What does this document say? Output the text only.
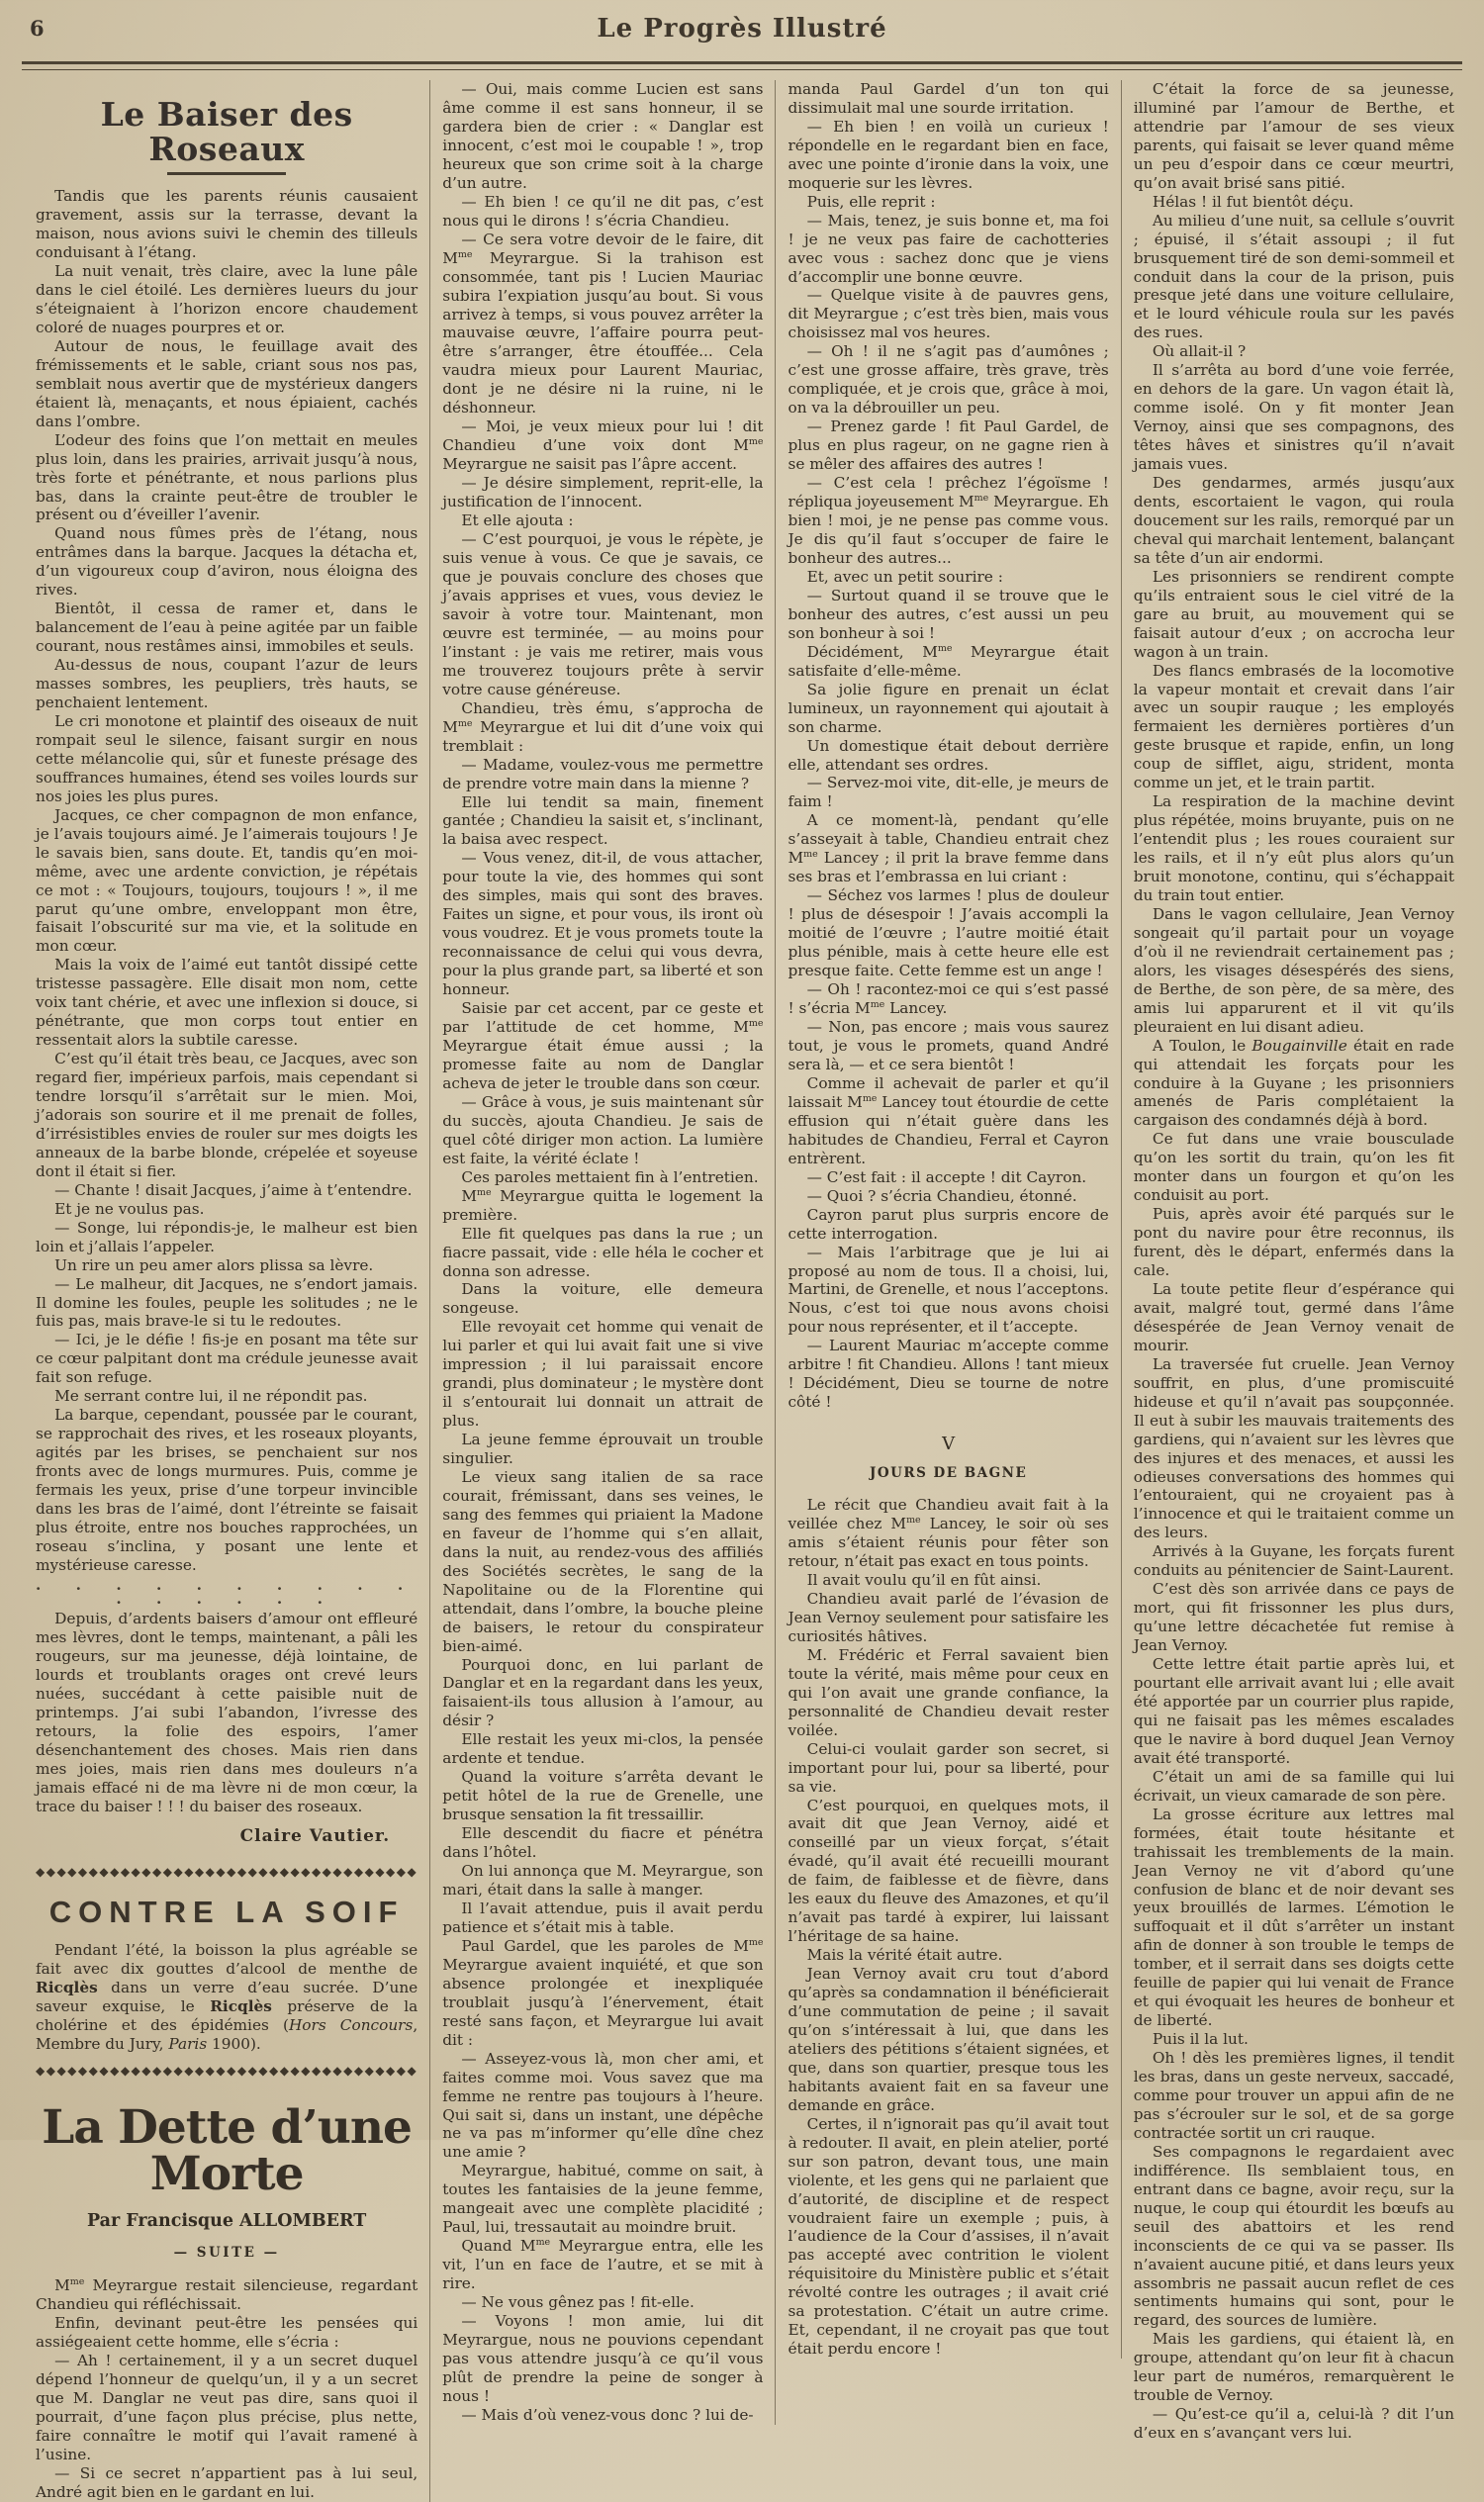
6	Le Progrès Illustré
Le Baiser des Roseaux
Tandis que les parents réunis causaient gravement, assis sur la terrasse, devant la maison, nous avions suivi le chemin des tilleuls conduisant à l’étang.
La nuit venait, très claire, avec la lune pâle dans le ciel étoilé. Les dernières lueurs du jour s’éteignaient à l’horizon encore chaudement coloré de nuages pourpres et or.
Autour de nous, le feuillage avait des frémissements et le sable, criant sous nos pas, semblait nous avertir que de mystérieux dangers étaient là, menaçants, et nous épiaient, cachés dans l’ombre.
L’odeur des foins que l’on mettait en meules plus loin, dans les prairies, arrivait jusqu’à nous, très forte et pénétrante, et nous parlions plus bas, dans la crainte peut-être de troubler le présent ou d’éveiller l’avenir.
Quand nous fûmes près de l’étang, nous entrâmes dans la barque. Jacques la détacha et, d’un vigoureux coup d’aviron, nous éloigna des rives.
Bientôt, il cessa de ramer et, dans le balancement de l’eau à peine agitée par un faible courant, nous restâmes ainsi, immobiles et seuls.
Au-dessus de nous, coupant l’azur de leurs masses sombres, les peupliers, très hauts, se penchaient lentement.
Le cri monotone et plaintif des oiseaux de nuit rompait seul le silence, faisant surgir en nous cette mélancolie qui, sûr et funeste présage des souffrances humaines, étend ses voiles lourds sur nos joies les plus pures.
Jacques, ce cher compagnon de mon enfance, je l’avais toujours aimé. Je l’aimerais toujours ! Je le savais bien, sans doute. Et, tandis qu’en moi-même, avec une ardente conviction, je répétais ce mot : « Toujours, toujours, toujours ! », il me parut qu’une ombre, enveloppant mon être, faisait l’obscurité sur ma vie, et la solitude en mon cœur.
Mais la voix de l’aimé eut tantôt dissipé cette tristesse passagère. Elle disait mon nom, cette voix tant chérie, et avec une inflexion si douce, si pénétrante, que mon corps tout entier en ressentait alors la subtile caresse.
C’est qu’il était très beau, ce Jacques, avec son regard fier, impérieux parfois, mais cependant si tendre lorsqu’il s’arrêtait sur le mien. Moi, j’adorais son sourire et il me prenait de folles, d’irrésistibles envies de rouler sur mes doigts les anneaux de la barbe blonde, crépelée et soyeuse dont il était si fier.
— Chante ! disait Jacques, j’aime à t’entendre.
Et je ne voulus pas.
— Songe, lui répondis-je, le malheur est bien loin et j’allais l’appeler.
Un rire un peu amer alors plissa sa lèvre.
— Le malheur, dit Jacques, ne s’endort jamais. Il domine les foules, peuple les solitudes ; ne le fuis pas, mais brave-le si tu le redoutes.
— Ici, je le défie ! fis-je en posant ma tête sur ce cœur palpitant dont ma crédule jeunesse avait fait son refuge.
Me serrant contre lui, il ne répondit pas.
La barque, cependant, poussée par le courant, se rapprochait des rives, et les roseaux ployants, agités par les brises, se penchaient sur nos fronts avec de longs murmures. Puis, comme je fermais les yeux, prise d’une torpeur invincible dans les bras de l’aimé, dont l’étreinte se faisait plus étroite, entre nos bouches rapprochées, un roseau s’inclina, y posant une lente et mystérieuse caresse.
. . . . . . . . . . . . . . . .
Depuis, d’ardents baisers d’amour ont effleuré mes lèvres, dont le temps, maintenant, a pâli les rougeurs, sur ma jeunesse, déjà lointaine, de lourds et troublants orages ont crevé leurs nuées, succédant à cette paisible nuit de printemps. J’ai subi l’abandon, l’ivresse des retours, la folie des espoirs, l’amer désenchantement des choses. Mais rien dans mes joies, mais rien dans mes douleurs n’a jamais effacé ni de ma lèvre ni de mon cœur, la trace du baiser ! ! ! du baiser des roseaux.
Claire Vautier.
◆◆◆◆◆◆◆◆◆◆◆◆◆◆◆◆◆◆◆◆◆◆◆◆◆◆◆◆◆◆◆◆◆◆◆◆
CONTRE LA SOIF
Pendant l’été, la boisson la plus agréable se fait avec dix gouttes d’alcool de menthe de Ricqlès dans un verre d’eau sucrée. D’une saveur exquise, le Ricqlès préserve de la cholérine et des épidémies (Hors Concours, Membre du Jury, Paris 1900).
◆◆◆◆◆◆◆◆◆◆◆◆◆◆◆◆◆◆◆◆◆◆◆◆◆◆◆◆◆◆◆◆◆◆◆◆
La Dette d’une Morte
Par Francisque ALLOMBERT
— SUITE —
$M^{me}$ Meyrargue restait silencieuse, regardant Chandieu qui réfléchissait.
Enfin, devinant peut-être les pensées qui assiégeaient cette homme, elle s’écria :
— Ah ! certainement, il y a un secret duquel dépend l’honneur de quelqu’un, il y a un secret que M. Danglar ne veut pas dire, sans quoi il pourrait, d’une façon plus précise, plus nette, faire connaître le motif qui l’avait ramené à l’usine.
— Si ce secret n’appartient pas à lui seul, André agit bien en le gardant en lui.
— Oui, mais comme Lucien est sans âme comme il est sans honneur, il se gardera bien de crier : « Danglar est innocent, c’est moi le coupable ! », trop heureux que son crime soit à la charge d’un autre.
— Eh bien ! ce qu’il ne dit pas, c’est nous qui le dirons ! s’écria Chandieu.
— Ce sera votre devoir de le faire, dit $M^{me}$ Meyrargue. Si la trahison est consommée, tant pis ! Lucien Mauriac subira l’expiation jusqu’au bout. Si vous arrivez à temps, si vous pouvez arrêter la mauvaise œuvre, l’affaire pourra peut-être s’arranger, être étouffée... Cela vaudra mieux pour Laurent Mauriac, dont je ne désire ni la ruine, ni le déshonneur.
— Moi, je veux mieux pour lui ! dit Chandieu d’une voix dont $M^{me}$ Meyrargue ne saisit pas l’âpre accent.
— Je désire simplement, reprit-elle, la justification de l’innocent.
Et elle ajouta :
— C’est pourquoi, je vous le répète, je suis venue à vous. Ce que je savais, ce que je pouvais conclure des choses que j’avais apprises et vues, vous deviez le savoir à votre tour. Maintenant, mon œuvre est terminée, — au moins pour l’instant : je vais me retirer, mais vous me trouverez toujours prête à servir votre cause généreuse.
Chandieu, très ému, s’approcha de $M^{me}$ Meyrargue et lui dit d’une voix qui tremblait :
— Madame, voulez-vous me permettre de prendre votre main dans la mienne ?
Elle lui tendit sa main, finement gantée ; Chandieu la saisit et, s’inclinant, la baisa avec respect.
— Vous venez, dit-il, de vous attacher, pour toute la vie, des hommes qui sont des simples, mais qui sont des braves. Faites un signe, et pour vous, ils iront où vous voudrez. Et je vous promets toute la reconnaissance de celui qui vous devra, pour la plus grande part, sa liberté et son honneur.
Saisie par cet accent, par ce geste et par l’attitude de cet homme, $M^{me}$ Meyrargue était émue aussi ; la promesse faite au nom de Danglar acheva de jeter le trouble dans son cœur.
— Grâce à vous, je suis maintenant sûr du succès, ajouta Chandieu. Je sais de quel côté diriger mon action. La lumière est faite, la vérité éclate !
Ces paroles mettaient fin à l’entretien.
$M^{me}$ Meyrargue quitta le logement la première.
Elle fit quelques pas dans la rue ; un fiacre passait, vide : elle héla le cocher et donna son adresse.
Dans la voiture, elle demeura songeuse.
Elle revoyait cet homme qui venait de lui parler et qui lui avait fait une si vive impression ; il lui paraissait encore grandi, plus dominateur ; le mystère dont il s’entourait lui donnait un attrait de plus.
La jeune femme éprouvait un trouble singulier.
Le vieux sang italien de sa race courait, frémissant, dans ses veines, le sang des femmes qui priaient la Madone en faveur de l’homme qui s’en allait, dans la nuit, au rendez-vous des affiliés des Sociétés secrètes, le sang de la Napolitaine ou de la Florentine qui attendait, dans l’ombre, la bouche pleine de baisers, le retour du conspirateur bien-aimé.
Pourquoi donc, en lui parlant de Danglar et en la regardant dans les yeux, faisaient-ils tous allusion à l’amour, au désir ?
Elle restait les yeux mi-clos, la pensée ardente et tendue.
Quand la voiture s’arrêta devant le petit hôtel de la rue de Grenelle, une brusque sensation la fit tressaillir.
Elle descendit du fiacre et pénétra dans l’hôtel.
On lui annonça que M. Meyrargue, son mari, était dans la salle à manger.
Il l’avait attendue, puis il avait perdu patience et s’était mis à table.
Paul Gardel, que les paroles de $M^{me}$ Meyrargue avaient inquiété, et que son absence prolongée et inexpliquée troublait jusqu’à l’énervement, était resté sans façon, et Meyrargue lui avait dit :
— Asseyez-vous là, mon cher ami, et faites comme moi. Vous savez que ma femme ne rentre pas toujours à l’heure. Qui sait si, dans un instant, une dépêche ne va pas m’informer qu’elle dîne chez une amie ?
Meyrargue, habitué, comme on sait, à toutes les fantaisies de la jeune femme, mangeait avec une complète placidité ; Paul, lui, tressautait au moindre bruit.
Quand $M^{me}$ Meyrargue entra, elle les vit, l’un en face de l’autre, et se mit à rire.
— Ne vous gênez pas ! fit-elle.
— Voyons ! mon amie, lui dit Meyrargue, nous ne pouvions cependant pas vous attendre jusqu’à ce qu’il vous plût de prendre la peine de songer à nous !
— Mais d’où venez-vous donc ? lui de-
manda Paul Gardel d’un ton qui dissimulait mal une sourde irritation.
— Eh bien ! en voilà un curieux ! répondelle en le regardant bien en face, avec une pointe d’ironie dans la voix, une moquerie sur les lèvres.
Puis, elle reprit :
— Mais, tenez, je suis bonne et, ma foi ! je ne veux pas faire de cachotteries avec vous : sachez donc que je viens d’accomplir une bonne œuvre.
— Quelque visite à de pauvres gens, dit Meyrargue ; c’est très bien, mais vous choisissez mal vos heures.
— Oh ! il ne s’agit pas d’aumônes ; c’est une grosse affaire, très grave, très compliquée, et je crois que, grâce à moi, on va la débrouiller un peu.
— Prenez garde ! fit Paul Gardel, de plus en plus rageur, on ne gagne rien à se mêler des affaires des autres !
— C’est cela ! prêchez l’égoïsme ! répliqua joyeusement $M^{me}$ Meyrargue. Eh bien ! moi, je ne pense pas comme vous. Je dis qu’il faut s’occuper de faire le bonheur des autres...
Et, avec un petit sourire :
— Surtout quand il se trouve que le bonheur des autres, c’est aussi un peu son bonheur à soi !
Décidément, $M^{me}$ Meyrargue était satisfaite d’elle-même.
Sa jolie figure en prenait un éclat lumineux, un rayonnement qui ajoutait à son charme.
Un domestique était debout derrière elle, attendant ses ordres.
— Servez-moi vite, dit-elle, je meurs de faim !
A ce moment-là, pendant qu’elle s’asseyait à table, Chandieu entrait chez $M^{me}$ Lancey ; il prit la brave femme dans ses bras et l’embrassa en lui criant :
— Séchez vos larmes ! plus de douleur ! plus de désespoir ! J’avais accompli la moitié de l’œuvre ; l’autre moitié était plus pénible, mais à cette heure elle est presque faite. Cette femme est un ange !
— Oh ! racontez-moi ce qui s’est passé ! s’écria $M^{me}$ Lancey.
— Non, pas encore ; mais vous saurez tout, je vous le promets, quand André sera là, — et ce sera bientôt !
Comme il achevait de parler et qu’il laissait $M^{me}$ Lancey tout étourdie de cette effusion qui n’était guère dans les habitudes de Chandieu, Ferral et Cayron entrèrent.
— C’est fait : il accepte ! dit Cayron.
— Quoi ? s’écria Chandieu, étonné.
Cayron parut plus surpris encore de cette interrogation.
— Mais l’arbitrage que je lui ai proposé au nom de tous. Il a choisi, lui, Martini, de Grenelle, et nous l’acceptons. Nous, c’est toi que nous avons choisi pour nous représenter, et il t’accepte.
— Laurent Mauriac m’accepte comme arbitre ! fit Chandieu. Allons ! tant mieux ! Décidément, Dieu se tourne de notre côté !
V
JOURS DE BAGNE
Le récit que Chandieu avait fait à la veillée chez $M^{me}$ Lancey, le soir où ses amis s’étaient réunis pour fêter son retour, n’était pas exact en tous points.
Il avait voulu qu’il en fût ainsi.
Chandieu avait parlé de l’évasion de Jean Vernoy seulement pour satisfaire les curiosités hâtives.
M. Frédéric et Ferral savaient bien toute la vérité, mais même pour ceux en qui l’on avait une grande confiance, la personnalité de Chandieu devait rester voilée.
Celui-ci voulait garder son secret, si important pour lui, pour sa liberté, pour sa vie.
C’est pourquoi, en quelques mots, il avait dit que Jean Vernoy, aidé et conseillé par un vieux forçat, s’était évadé, qu’il avait été recueilli mourant de faim, de faiblesse et de fièvre, dans les eaux du fleuve des Amazones, et qu’il n’avait pas tardé à expirer, lui laissant l’héritage de sa haine.
Mais la vérité était autre.
Jean Vernoy avait cru tout d’abord qu’après sa condamnation il bénéficierait d’une commutation de peine ; il savait qu’on s’intéressait à lui, que dans les ateliers des pétitions s’étaient signées, et que, dans son quartier, presque tous les habitants avaient fait en sa faveur une demande en grâce.
Certes, il n’ignorait pas qu’il avait tout à redouter. Il avait, en plein atelier, porté sur son patron, devant tous, une main violente, et les gens qui ne parlaient que d’autorité, de discipline et de respect voudraient faire un exemple ; puis, à l’audience de la Cour d’assises, il n’avait pas accepté avec contrition le violent réquisitoire du Ministère public et s’était révolté contre les outrages ; il avait crié sa protestation. C’était un autre crime. Et, cependant, il ne croyait pas que tout était perdu encore !
C’était la force de sa jeunesse, illuminé par l’amour de Berthe, et attendrie par l’amour de ses vieux parents, qui faisait se lever quand même un peu d’espoir dans ce cœur meurtri, qu’on avait brisé sans pitié.
Hélas ! il fut bientôt déçu.
Au milieu d’une nuit, sa cellule s’ouvrit ; épuisé, il s’était assoupi ; il fut brusquement tiré de son demi-sommeil et conduit dans la cour de la prison, puis presque jeté dans une voiture cellulaire, et le lourd véhicule roula sur les pavés des rues.
Où allait-il ?
Il s’arrêta au bord d’une voie ferrée, en dehors de la gare. Un vagon était là, comme isolé. On y fit monter Jean Vernoy, ainsi que ses compagnons, des têtes hâves et sinistres qu’il n’avait jamais vues.
Des gendarmes, armés jusqu’aux dents, escortaient le vagon, qui roula doucement sur les rails, remorqué par un cheval qui marchait lentement, balançant sa tête d’un air endormi.
Les prisonniers se rendirent compte qu’ils entraient sous le ciel vitré de la gare au bruit, au mouvement qui se faisait autour d’eux ; on accrocha leur wagon à un train.
Des flancs embrasés de la locomotive la vapeur montait et crevait dans l’air avec un soupir rauque ; les employés fermaient les dernières portières d’un geste brusque et rapide, enfin, un long coup de sifflet, aigu, strident, monta comme un jet, et le train partit.
La respiration de la machine devint plus répétée, moins bruyante, puis on ne l’entendit plus ; les roues couraient sur les rails, et il n’y eût plus alors qu’un bruit monotone, continu, qui s’échappait du train tout entier.
Dans le vagon cellulaire, Jean Vernoy songeait qu’il partait pour un voyage d’où il ne reviendrait certainement pas ; alors, les visages désespérés des siens, de Berthe, de son père, de sa mère, des amis lui apparurent et il vit qu’ils pleuraient en lui disant adieu.
A Toulon, le Bougainville était en rade qui attendait les forçats pour les conduire à la Guyane ; les prisonniers amenés de Paris complétaient la cargaison des condamnés déjà à bord.
Ce fut dans une vraie bousculade qu’on les sortit du train, qu’on les fit monter dans un fourgon et qu’on les conduisit au port.
Puis, après avoir été parqués sur le pont du navire pour être reconnus, ils furent, dès le départ, enfermés dans la cale.
La toute petite fleur d’espérance qui avait, malgré tout, germé dans l’âme désespérée de Jean Vernoy venait de mourir.
La traversée fut cruelle. Jean Vernoy souffrit, en plus, d’une promiscuité hideuse et qu’il n’avait pas soupçonnée. Il eut à subir les mauvais traitements des gardiens, qui n’avaient sur les lèvres que des injures et des menaces, et aussi les odieuses conversations des hommes qui l’entouraient, qui ne croyaient pas à l’innocence et qui le traitaient comme un des leurs.
Arrivés à la Guyane, les forçats furent conduits au pénitencier de Saint-Laurent.
C’est dès son arrivée dans ce pays de mort, qui fit frissonner les plus durs, qu’une lettre décachetée fut remise à Jean Vernoy.
Cette lettre était partie après lui, et pourtant elle arrivait avant lui ; elle avait été apportée par un courrier plus rapide, qui ne faisait pas les mêmes escalades que le navire à bord duquel Jean Vernoy avait été transporté.
C’était un ami de sa famille qui lui écrivait, un vieux camarade de son père.
La grosse écriture aux lettres mal formées, était toute hésitante et trahissait les tremblements de la main. Jean Vernoy ne vit d’abord qu’une confusion de blanc et de noir devant ses yeux brouillés de larmes. L’émotion le suffoquait et il dût s’arrêter un instant afin de donner à son trouble le temps de tomber, et il serrait dans ses doigts cette feuille de papier qui lui venait de France et qui évoquait les heures de bonheur et de liberté.
Puis il la lut.
Oh ! dès les premières lignes, il tendit les bras, dans un geste nerveux, saccadé, comme pour trouver un appui afin de ne pas s’écrouler sur le sol, et de sa gorge contractée sortit un cri rauque.
Ses compagnons le regardaient avec indifférence. Ils semblaient tous, en entrant dans ce bagne, avoir reçu, sur la nuque, le coup qui étourdit les bœufs au seuil des abattoirs et les rend inconscients de ce qui va se passer. Ils n’avaient aucune pitié, et dans leurs yeux assombris ne passait aucun reflet de ces sentiments humains qui sont, pour le regard, des sources de lumière.
Mais les gardiens, qui étaient là, en groupe, attendant qu’on leur fit à chacun leur part de numéros, remarquèrent le trouble de Vernoy.
— Qu’est-ce qu’il a, celui-là ? dit l’un d’eux en s’avançant vers lui.
